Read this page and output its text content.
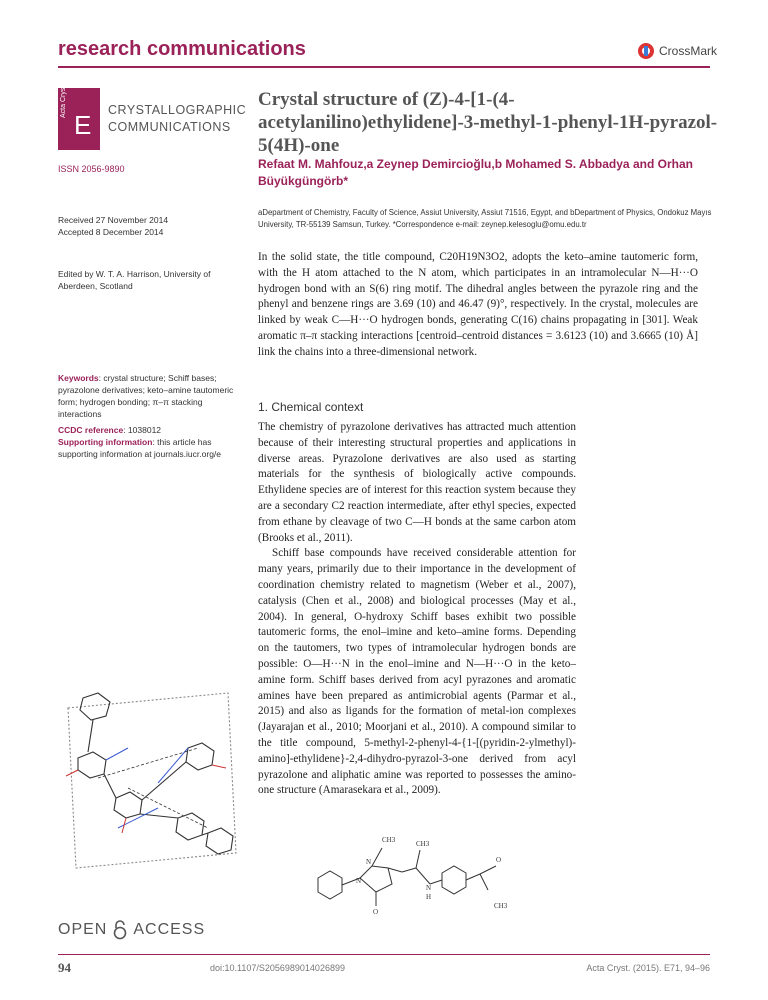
research communications	CrossMark
Acta Cryst
E CRYSTALLOGRAPHIC
COMMUNICATIONS
ISSN 2056-9890
Received 27 November 2014
Accepted 8 December 2014
Edited by W. T. A. Harrison, University of Aberdeen, Scotland
Keywords: crystal structure; Schiff bases; pyrazolone derivatives; keto–amine tautomeric form; hydrogen bonding; π–π stacking interactions
CCDC reference: 1038012
Supporting information: this article has supporting information at journals.iucr.org/e
Crystal structure of (Z)-4-[1-(4-acetylanilino)ethylidene]-3-methyl-1-phenyl-1H-pyrazol-5(4H)-one
Refaat M. Mahfouz,a Zeynep Demircioğlu,b Mohamed S. Abbadya and Orhan Büyükgüngörb*
aDepartment of Chemistry, Faculty of Science, Assiut University, Assiut 71516, Egypt, and bDepartment of Physics, Ondokuz Mayıs University, TR-55139 Samsun, Turkey. *Correspondence e-mail: zeynep.kelesoglu@omu.edu.tr
In the solid state, the title compound, C20H19N3O2, adopts the keto–amine tautomeric form, with the H atom attached to the N atom, which participates in an intramolecular N—H···O hydrogen bond with an S(6) ring motif. The dihedral angles between the pyrazole ring and the phenyl and benzene rings are 3.69 (10) and 46.47 (9)°, respectively. In the crystal, molecules are linked by weak C—H···O hydrogen bonds, generating C(16) chains propagating in [301]. Weak aromatic π–π stacking interactions [centroid–centroid distances = 3.6123 (10) and 3.6665 (10) Å] link the chains into a three-dimensional network.
1. Chemical context

The chemistry of pyrazolone derivatives has attracted much attention because of their interesting structural properties and applications in diverse areas. Pyrazolone derivatives are also used as starting materials for the synthesis of biologically active compounds. Ethylidene species are of interest for this reaction system because they are a secondary C2 reaction intermediate, after ethyl species, expected from ethane by cleavage of two C—H bonds at the same carbon atom (Brooks et al., 2011).

Schiff base compounds have received considerable attention for many years, primarily due to their importance in the development of coordination chemistry related to magnetism (Weber et al., 2007), catalysis (Chen et al., 2008) and biological processes (May et al., 2004). In general, O-hydroxy Schiff bases exhibit two possible tautomeric forms, the enol–imine and keto–amine forms. Depending on the tautomers, two types of intramolecular hydrogen bonds are possible: O—H···N in the enol–imine and N—H···O in the keto–amine form. Schiff bases derived from acyl pyrazones and aromatic amines have been prepared as antimicrobial agents (Parmar et al., 2015) and also as ligands for the formation of metal-ion complexes (Jayarajan et al., 2010; Moorjani et al., 2010). A compound similar to the title compound, 5-methyl-2-phenyl-4-{1-[(pyridin-2-ylmethyl)-amino]-ethylidene}-2,4-dihydro-pyrazol-3-one derived from acyl pyrazolone and aliphatic amine was reported to possesses the amino-one structure (Amarasekara et al., 2009).

CH3	CH3
CH3
N
N
N
H
O
O
OPEN ACCESS
94	doi:10.1107/S2056989014026899	Acta Cryst. (2015). E71, 94–96
